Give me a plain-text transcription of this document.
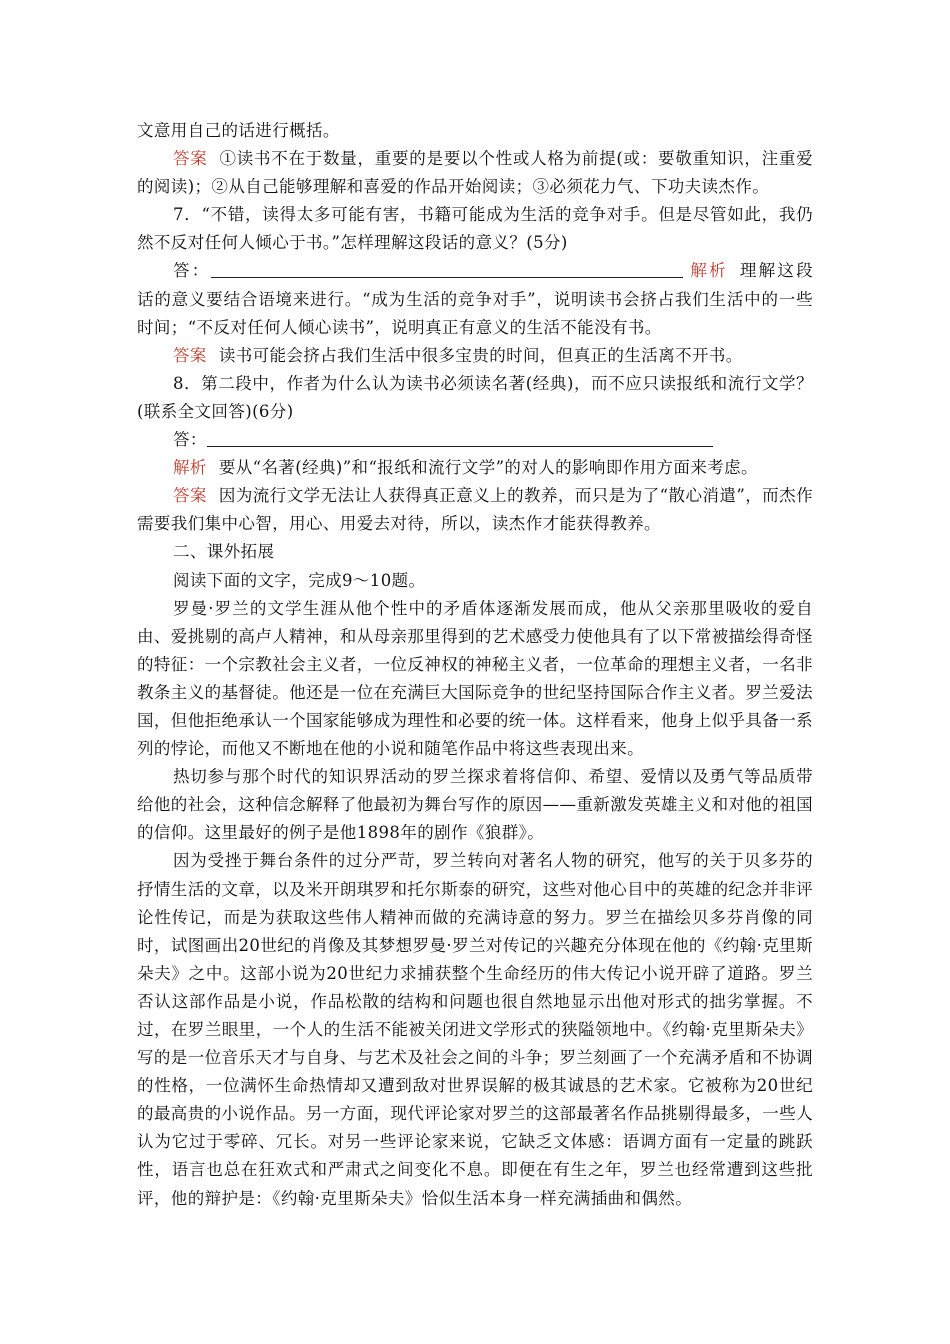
文意用自己的话进行概括。

答案 ①读书不在于数量，重要的是要以个性或人格为前提(或：要敬重知识，注重爱的阅读)；②从自己能够理解和喜爱的作品开始阅读；③必须花力气、下功夫读杰作。

7．“不错，读得太多可能有害，书籍可能成为生活的竞争对手。但是尽管如此，我仍然不反对任何人倾心于书。”怎样理解这段话的意义？(5分)

答：	解析 理解这段话的意义要结合语境来进行。“成为生活的竞争对手”，说明读书会挤占我们生活中的一些时间；“不反对任何人倾心读书”，说明真正有意义的生活不能没有书。

答案 读书可能会挤占我们生活中很多宝贵的时间，但真正的生活离不开书。

8．第二段中，作者为什么认为读书必须读名著(经典)，而不应只读报纸和流行文学？(联系全文回答)(6分)

答：

解析 要从“名著(经典)”和“报纸和流行文学”的对人的影响即作用方面来考虑。

答案 因为流行文学无法让人获得真正意义上的教养，而只是为了“散心消遣”，而杰作需要我们集中心智，用心、用爱去对待，所以，读杰作才能获得教养。

二、课外拓展

阅读下面的文字，完成9～10题。

罗曼·罗兰的文学生涯从他个性中的矛盾体逐渐发展而成，他从父亲那里吸收的爱自由、爱挑剔的高卢人精神，和从母亲那里得到的艺术感受力使他具有了以下常被描绘得奇怪的特征：一个宗教社会主义者，一位反神权的神秘主义者，一位革命的理想主义者，一名非教条主义的基督徒。他还是一位在充满巨大国际竞争的世纪坚持国际合作主义者。罗兰爱法国，但他拒绝承认一个国家能够成为理性和必要的统一体。这样看来，他身上似乎具备一系列的悖论，而他又不断地在他的小说和随笔作品中将这些表现出来。

热切参与那个时代的知识界活动的罗兰探求着将信仰、希望、爱情以及勇气等品质带给他的社会，这种信念解释了他最初为舞台写作的原因——重新激发英雄主义和对他的祖国的信仰。这里最好的例子是他1898年的剧作《狼群》。

因为受挫于舞台条件的过分严苛，罗兰转向对著名人物的研究，他写的关于贝多芬的抒情生活的文章，以及米开朗琪罗和托尔斯泰的研究，这些对他心目中的英雄的纪念并非评论性传记，而是为获取这些伟人精神而做的充满诗意的努力。罗兰在描绘贝多芬肖像的同时，试图画出20世纪的肖像及其梦想罗曼·罗兰对传记的兴趣充分体现在他的《约翰·克里斯朵夫》之中。这部小说为20世纪力求捕获整个生命经历的伟大传记小说开辟了道路。罗兰否认这部作品是小说，作品松散的结构和问题也很自然地显示出他对形式的拙劣掌握。不过，在罗兰眼里，一个人的生活不能被关闭进文学形式的狭隘领地中。《约翰·克里斯朵夫》写的是一位音乐天才与自身、与艺术及社会之间的斗争；罗兰刻画了一个充满矛盾和不协调的性格，一位满怀生命热情却又遭到敌对世界误解的极其诚恳的艺术家。它被称为20世纪的最高贵的小说作品。另一方面，现代评论家对罗兰的这部最著名作品挑剔得最多，一些人认为它过于零碎、冗长。对另一些评论家来说，它缺乏文体感：语调方面有一定量的跳跃性，语言也总在狂欢式和严肃式之间变化不息。即便在有生之年，罗兰也经常遭到这些批评，他的辩护是：《约翰·克里斯朵夫》恰似生活本身一样充满插曲和偶然。
